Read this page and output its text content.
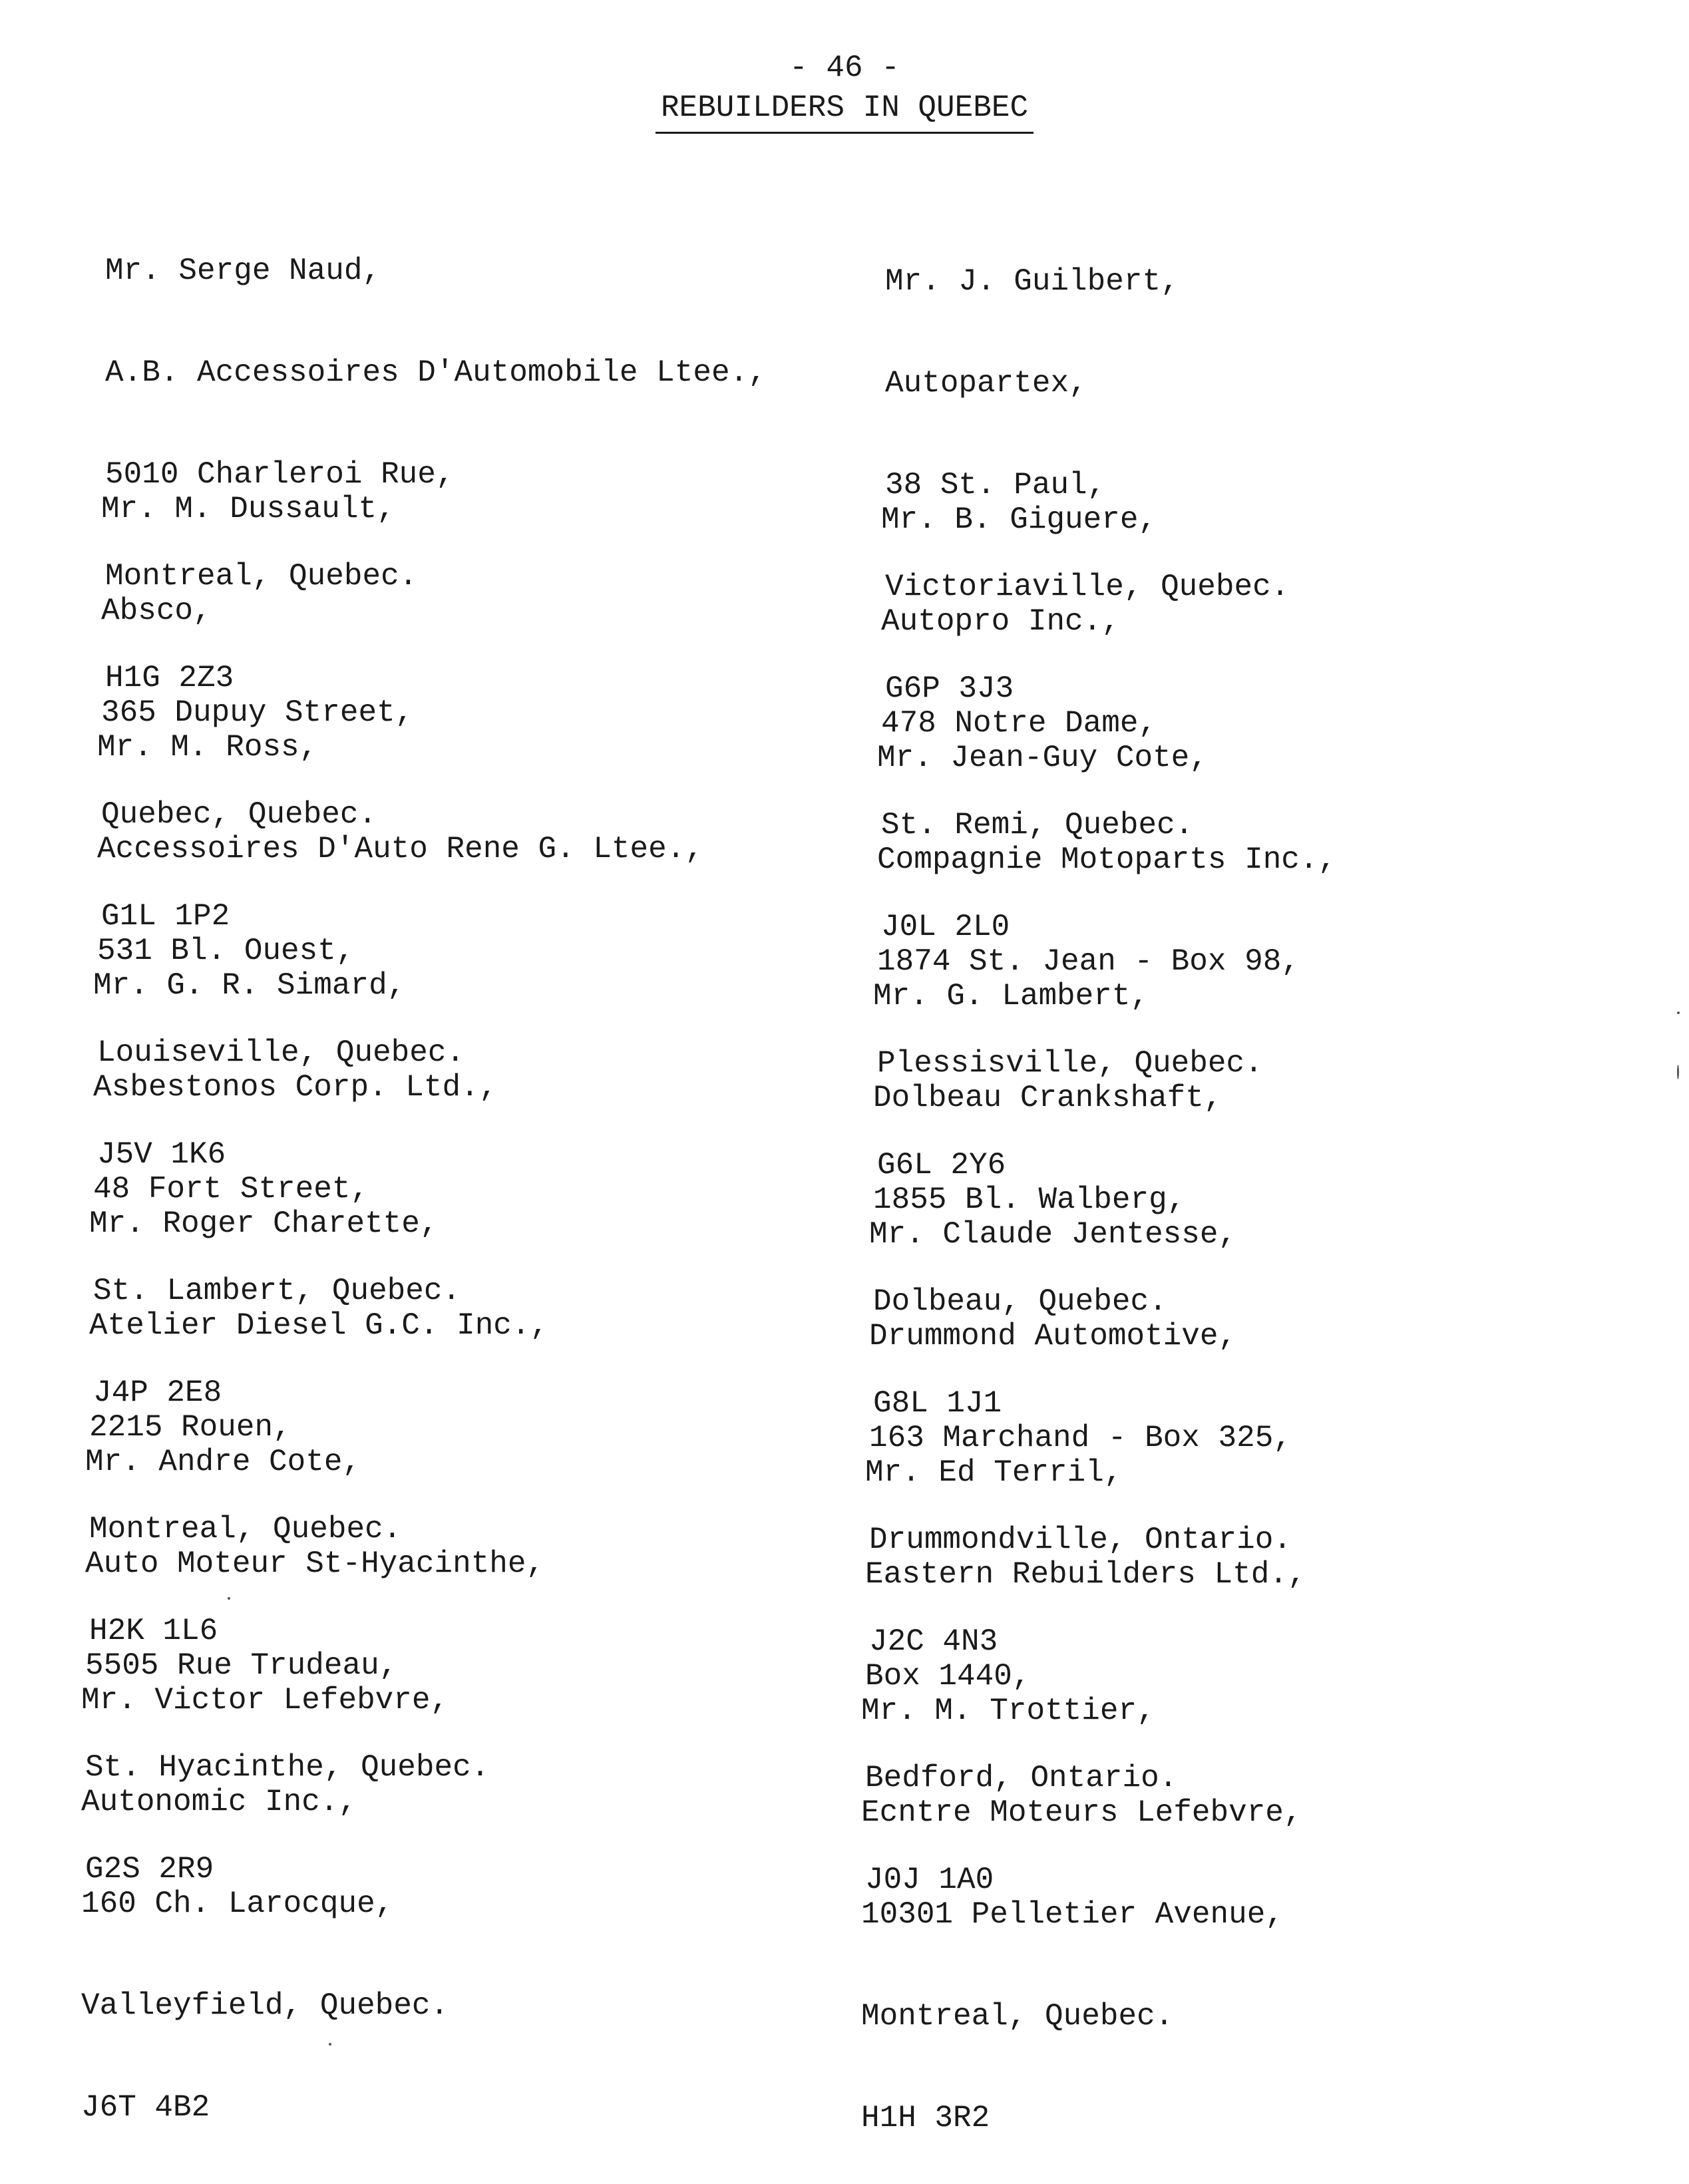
- 46 -
REBUILDERS IN QUEBEC

Mr. Serge Naud,

A.B. Accessoires D'Automobile Ltee.,

5010 Charleroi Rue,

Montreal, Quebec.

H1G 2Z3

Mr. M. Dussault,

Absco,

365 Dupuy Street,

Quebec, Quebec.

G1L 1P2

Mr. M. Ross,

Accessoires D'Auto Rene G. Ltee.,

531 Bl. Ouest,

Louiseville, Quebec.

J5V 1K6

Mr. G. R. Simard,

Asbestonos Corp. Ltd.,

48 Fort Street,

St. Lambert, Quebec.

J4P 2E8

Mr. Roger Charette,

Atelier Diesel G.C. Inc.,

2215 Rouen,

Montreal, Quebec.

H2K 1L6

Mr. Andre Cote,

Auto Moteur St-Hyacinthe,

5505 Rue Trudeau,

St. Hyacinthe, Quebec.

G2S 2R9

Mr. Victor Lefebvre,

Autonomic Inc.,

160 Ch. Larocque,

Valleyfield, Quebec.

J6T 4B2

Mr. J. Guilbert,

Autopartex,

38 St. Paul,

Victoriaville, Quebec.

G6P 3J3

Mr. B. Giguere,

Autopro Inc.,

478 Notre Dame,

St. Remi, Quebec.

J0L 2L0

Mr. Jean-Guy Cote,

Compagnie Motoparts Inc.,

1874 St. Jean - Box 98,

Plessisville, Quebec.

G6L 2Y6

Mr. G. Lambert,

Dolbeau Crankshaft,

1855 Bl. Walberg,

Dolbeau, Quebec.

G8L 1J1

Mr. Claude Jentesse,

Drummond Automotive,

163 Marchand - Box 325,

Drummondville, Ontario.

J2C 4N3

Mr. Ed Terril,

Eastern Rebuilders Ltd.,

Box 1440,

Bedford, Ontario.

J0J 1A0

Mr. M. Trottier,

Ecntre Moteurs Lefebvre,

10301 Pelletier Avenue,

Montreal, Quebec.

H1H 3R2
